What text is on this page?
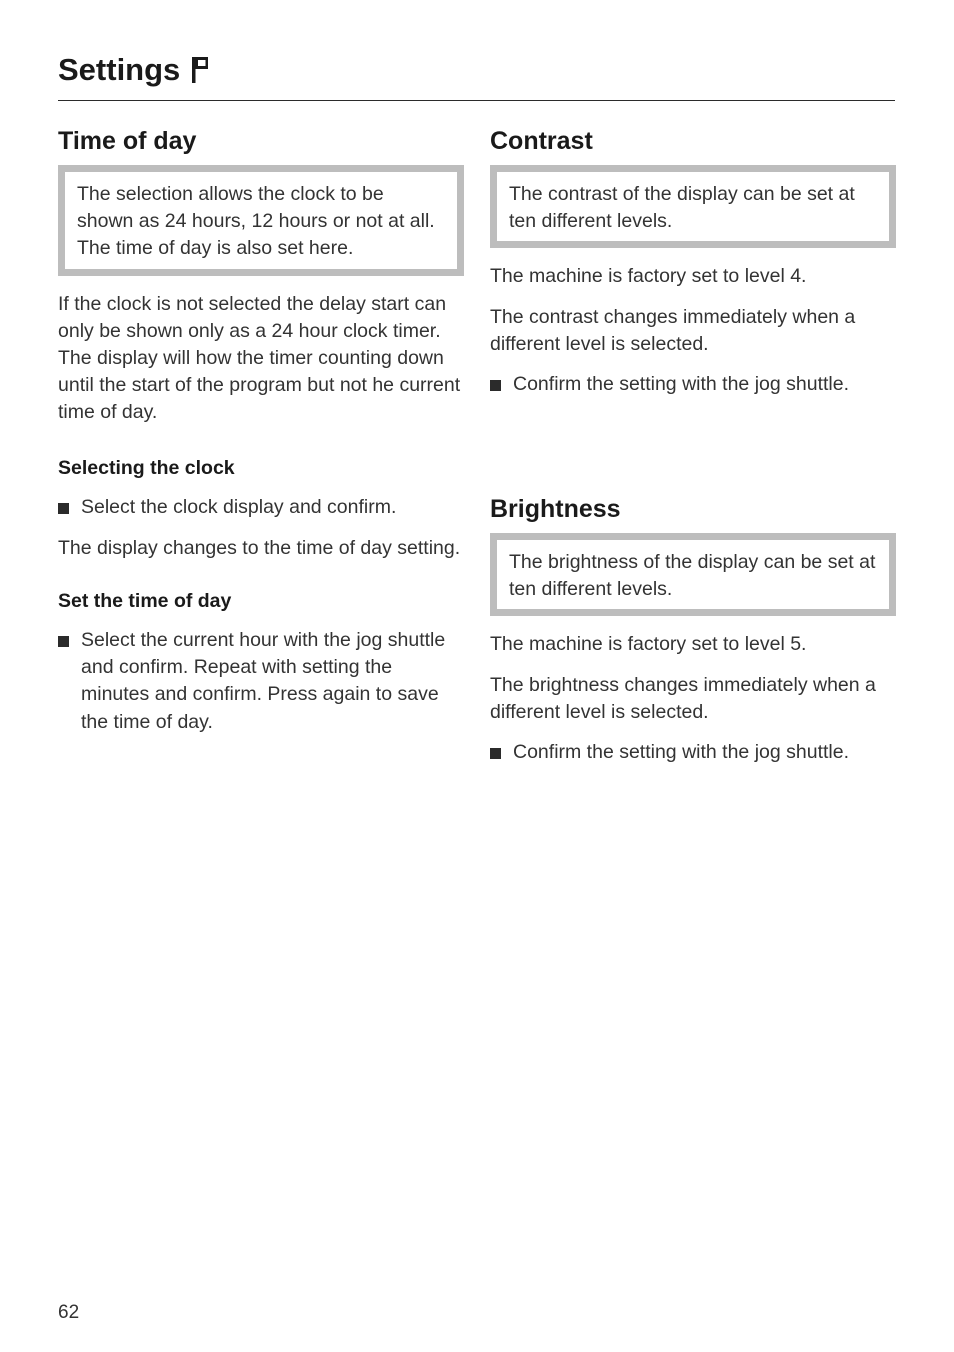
Settings
Time of day
The selection allows the clock to be shown as 24 hours, 12 hours or not at all. The time of day is also set here.

If the clock is not selected the delay start can only be shown only as a 24 hour clock timer. The display will how the timer counting down until the start of the program but not he current time of day.

Selecting the clock
Select the clock display and confirm.

The display changes to the time of day setting.

Set the time of day
Select the current hour with the jog shuttle and confirm. Repeat with setting the minutes and confirm. Press again to save the time of day.
Contrast
The contrast of the display can be set at ten different levels.

The machine is factory set to level 4.

The contrast changes immediately when a different level is selected.

Confirm the setting with the jog shuttle.
Brightness
The brightness of the display can be set at ten different levels.

The machine is factory set to level 5.

The brightness changes immediately when a different level is selected.

Confirm the setting with the jog shuttle.
62
